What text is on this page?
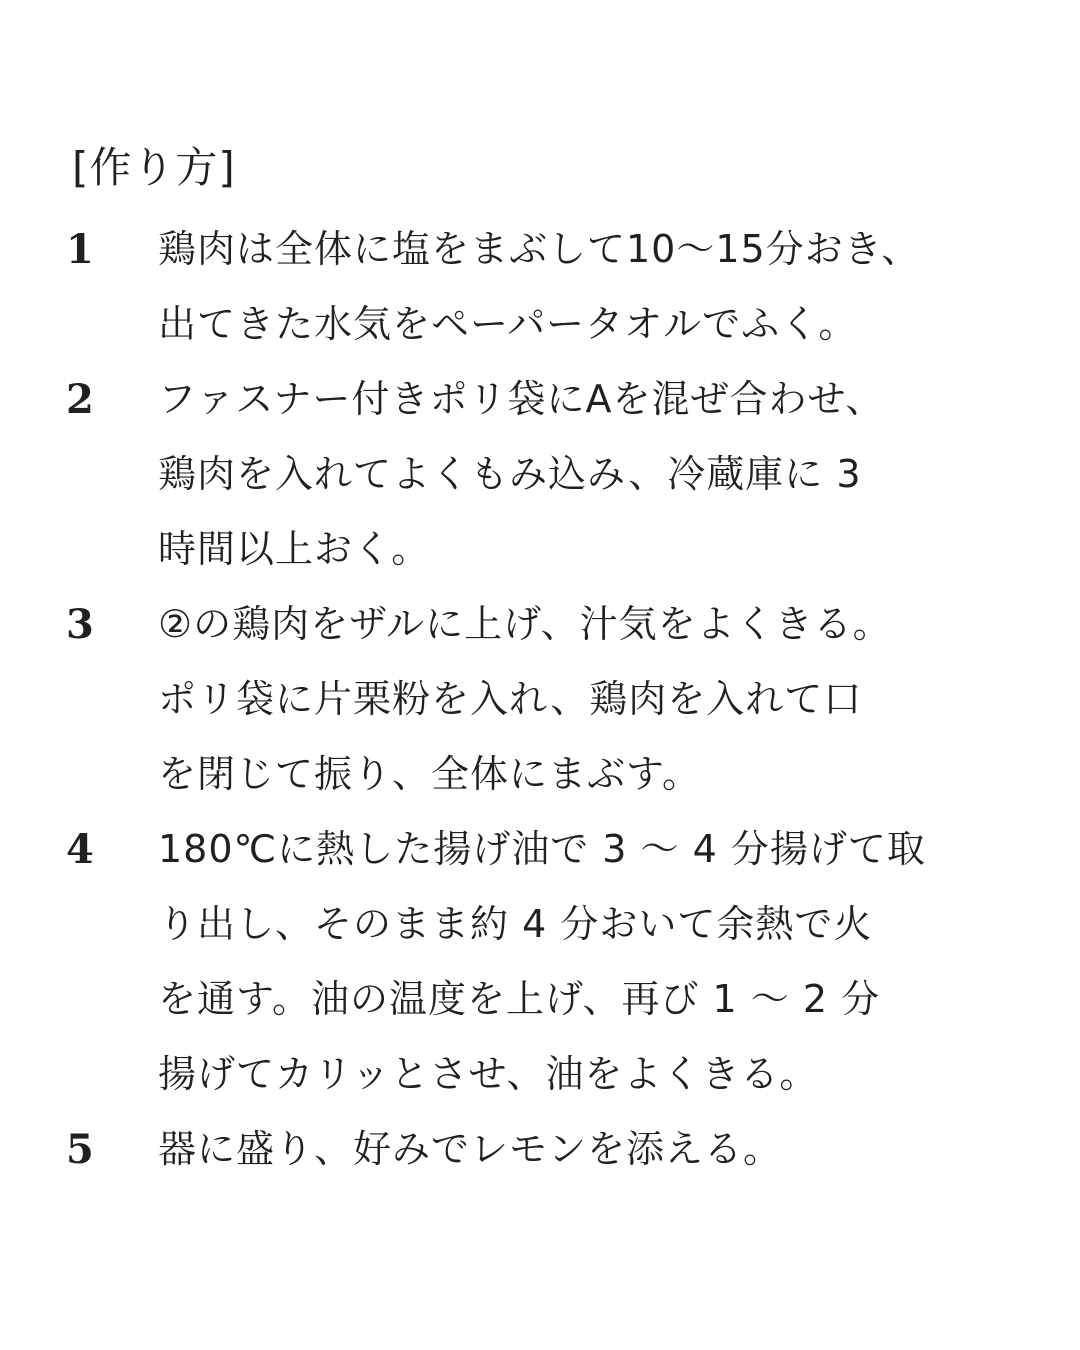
[作り方]
1	鶏肉は全体に塩をまぶして10〜15分おき、
出てきた水気をペーパータオルでふく。
2	ファスナー付きポリ袋にAを混ぜ合わせ、
鶏肉を入れてよくもみ込み、冷蔵庫に 3
時間以上おく。
3	②の鶏肉をザルに上げ、汁気をよくきる。
ポリ袋に片栗粉を入れ、鶏肉を入れて口
を閉じて振り、全体にまぶす。
4	180℃に熱した揚げ油で 3 〜 4 分揚げて取
り出し、そのまま約 4 分おいて余熱で火
を通す。油の温度を上げ、再び 1 〜 2 分
揚げてカリッとさせ、油をよくきる。
5	器に盛り、好みでレモンを添える。
